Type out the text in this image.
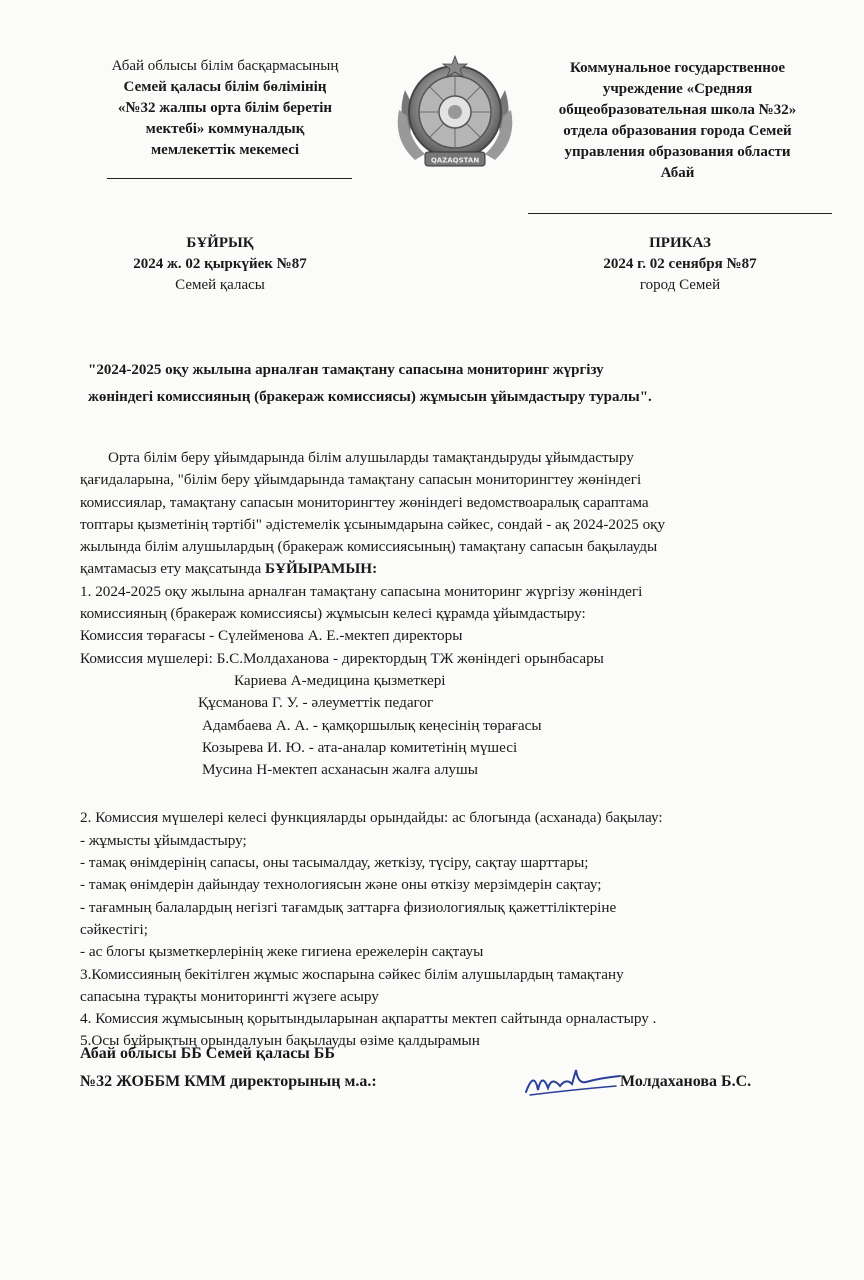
Абай облысы білім басқармасының
Семей қаласы білім бөлімінің
«№32 жалпы орта білім беретін
мектебі» коммуналдық
мемлекеттік мекемесі
QAZAQSTAN
Коммунальное государственное
учреждение «Средняя
общеобразовательная школа №32»
отдела образования города Семей
управления образования области
Абай
БҰЙРЫҚ
2024 ж. 02 қыркүйек №87
Семей қаласы
ПРИКАЗ
2024 г. 02 сенября №87
город Семей
"2024-2025 оқу жылына арналған тамақтану сапасына мониторинг жүргізу
жөніндегі комиссияның (бракераж комиссиясы) жұмысын ұйымдастыру туралы".
Орта білім беру ұйымдарында білім алушыларды тамақтандыруды ұйымдастыру
қағидаларына, "білім беру ұйымдарында тамақтану сапасын мониторингтеу жөніндегі
комиссиялар, тамақтану сапасын мониторингтеу жөніндегі ведомствоаралық сараптама
топтары қызметінің тәртібі" әдістемелік ұсынымдарына сәйкес, сондай - ақ 2024-2025 оқу
жылында білім алушылардың (бракераж комиссиясының) тамақтану сапасын бақылауды
қамтамасыз ету мақсатында БҰЙЫРАМЫН:
1. 2024-2025 оқу жылына арналған тамақтану сапасына мониторинг жүргізу жөніндегі
комиссияның (бракераж комиссиясы) жұмысын келесі құрамда ұйымдастыру:
Комиссия төрағасы - Сүлейменова А. Е.-мектеп директоры
Комиссия мүшелері: Б.С.Молдаханова - директордың ТЖ жөніндегі орынбасары
Кариева А-медицина қызметкері
Құсманова Г. У. - әлеуметтік педагог
Адамбаева А. А. - қамқоршылық кеңесінің төрағасы
Козырева И. Ю. - ата-аналар комитетінің мүшесі
Мусина Н-мектеп асханасын жалға алушы
2. Комиссия мүшелері келесі функцияларды орындайды: ас блогында (асханада) бақылау:
- жұмысты ұйымдастыру;
- тамақ өнімдерінің сапасы, оны тасымалдау, жеткізу, түсіру, сақтау шарттары;
- тамақ өнімдерін дайындау технологиясын және оны өткізу мерзімдерін сақтау;
- тағамның балалардың негізгі тағамдық заттарға физиологиялық қажеттіліктеріне
сәйкестігі;
- ас блогы қызметкерлерінің жеке гигиена ережелерін сақтауы
3.Комиссияның бекітілген жұмыс жоспарына сәйкес білім алушылардың тамақтану
сапасына тұрақты мониторингті жүзеге асыру
4. Комиссия жұмысының қорытындыларынан ақпаратты мектеп сайтында орналастыру .
5.Осы бұйрықтың орындалуын бақылауды өзіме қалдырамын
Абай облысы ББ Семей қаласы ББ
№32 ЖОББМ КММ директорының м.а.:	Молдаханова Б.С.
